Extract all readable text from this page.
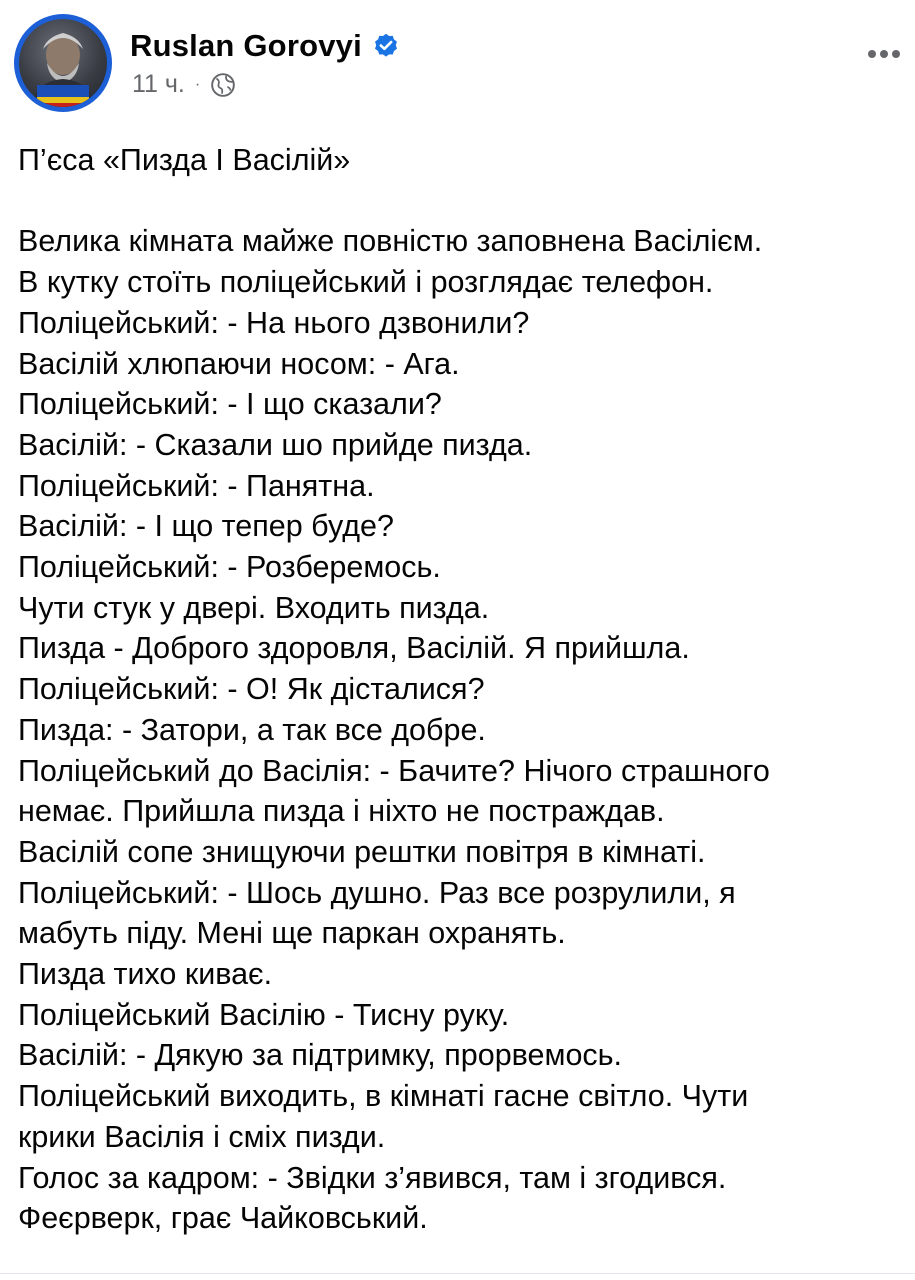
Ruslan Gorovyi
11 ч. ·
П’єса «Пизда І Васілій»

Велика кімната майже повністю заповнена Васілієм.
В кутку стоїть поліцейський і розглядає телефон.
Поліцейський: - На нього дзвонили?
Васілій хлюпаючи носом: - Ага.
Поліцейський: - І що сказали?
Васілій: - Сказали шо прийде пизда.
Поліцейський: - Панятна.
Васілій: - І що тепер буде?
Поліцейський: - Розберемось.
Чути стук у двері. Входить пизда.
Пизда - Доброго здоровля, Васілій. Я прийшла.
Поліцейський: - О! Як дісталися?
Пизда: - Затори, а так все добре.
Поліцейський до Васілія: - Бачите? Нічого страшного
немає. Прийшла пизда і ніхто не постраждав.
Васілій сопе знищуючи рештки повітря в кімнаті.
Поліцейський: - Шось душно. Раз все розрулили, я
мабуть піду. Мені ще паркан охранять.
Пизда тихо киває.
Поліцейський Васілію - Тисну руку.
Васілій: - Дякую за підтримку, прорвемось.
Поліцейський виходить, в кімнаті гасне світло. Чути
крики Васілія і сміх пизди.
Голос за кадром: - Звідки з’явився, там і згодився.
Феєрверк, грає Чайковський.
